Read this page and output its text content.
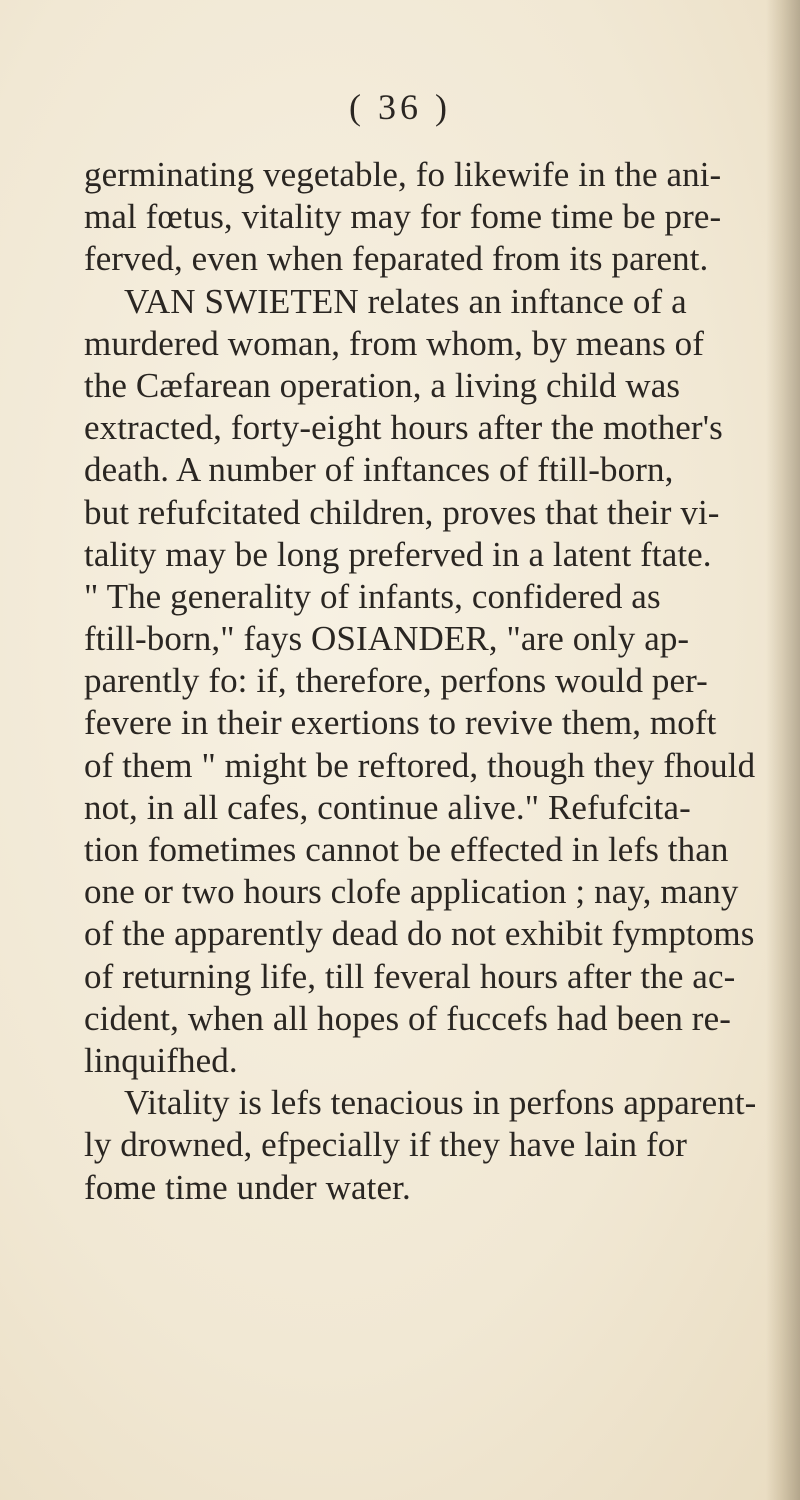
( 36 )
germinating vegetable, fo likewife in the ani-
mal fœtus, vitality may for fome time be pre-
ferved, even when feparated from its parent.
VAN SWIETEN relates an inftance of a
murdered woman, from whom, by means of
the Cæfarean operation, a living child was
extracted, forty-eight hours after the mother's
death. A number of inftances of ftill-born,
but refufcitated children, proves that their vi-
tality may be long preferved in a latent ftate.
" The generality of infants, confidered as
ftill-born," fays OSIANDER, "are only ap-
parently fo: if, therefore, perfons would per-
fevere in their exertions to revive them, moft
of them " might be reftored, though they fhould
not, in all cafes, continue alive." Refufcita-
tion fometimes cannot be effected in lefs than
one or two hours clofe application ; nay, many
of the apparently dead do not exhibit fymptoms
of returning life, till feveral hours after the ac-
cident, when all hopes of fuccefs had been re-
linquifhed.
Vitality is lefs tenacious in perfons apparent-
ly drowned, efpecially if they have lain for
fome time under water.
